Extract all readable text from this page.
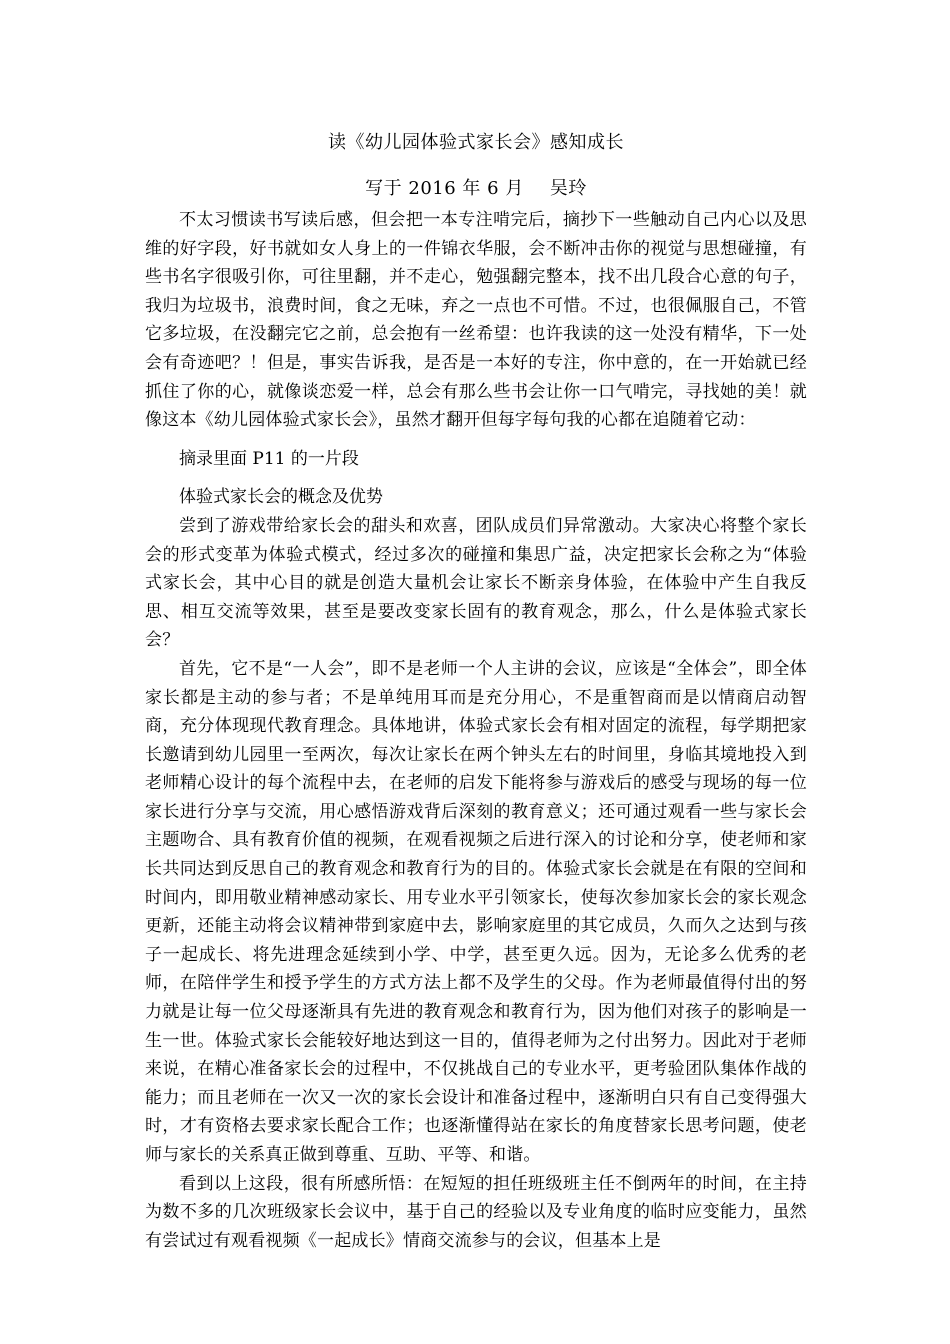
读《幼儿园体验式家长会》感知成长
写于 2016 年 6 月 吴玲

不太习惯读书写读后感，但会把一本专注啃完后，摘抄下一些触动自己内心以及思维的好字段，好书就如女人身上的一件锦衣华服，会不断冲击你的视觉与思想碰撞，有些书名字很吸引你，可往里翻，并不走心，勉强翻完整本，找不出几段合心意的句子，我归为垃圾书，浪费时间，食之无味，弃之一点也不可惜。不过，也很佩服自己，不管它多垃圾，在没翻完它之前，总会抱有一丝希望：也许我读的这一处没有精华，下一处会有奇迹吧？！但是，事实告诉我，是否是一本好的专注，你中意的，在一开始就已经抓住了你的心，就像谈恋爱一样，总会有那么些书会让你一口气啃完，寻找她的美！就像这本《幼儿园体验式家长会》，虽然才翻开但每字每句我的心都在追随着它动：

摘录里面 P11 的一片段

体验式家长会的概念及优势

尝到了游戏带给家长会的甜头和欢喜，团队成员们异常激动。大家决心将整个家长会的形式变革为体验式模式，经过多次的碰撞和集思广益，决定把家长会称之为“体验式家长会，其中心目的就是创造大量机会让家长不断亲身体验，在体验中产生自我反思、相互交流等效果，甚至是要改变家长固有的教育观念，那么，什么是体验式家长会？

首先，它不是“一人会”，即不是老师一个人主讲的会议，应该是“全体会”，即全体家长都是主动的参与者；不是单纯用耳而是充分用心，不是重智商而是以情商启动智商，充分体现现代教育理念。具体地讲，体验式家长会有相对固定的流程，每学期把家长邀请到幼儿园里一至两次，每次让家长在两个钟头左右的时间里，身临其境地投入到老师精心设计的每个流程中去，在老师的启发下能将参与游戏后的感受与现场的每一位家长进行分享与交流，用心感悟游戏背后深刻的教育意义；还可通过观看一些与家长会主题吻合、具有教育价值的视频，在观看视频之后进行深入的讨论和分享，使老师和家长共同达到反思自己的教育观念和教育行为的目的。体验式家长会就是在有限的空间和时间内，即用敬业精神感动家长、用专业水平引领家长，使每次参加家长会的家长观念更新，还能主动将会议精神带到家庭中去，影响家庭里的其它成员，久而久之达到与孩子一起成长、将先进理念延续到小学、中学，甚至更久远。因为，无论多么优秀的老师，在陪伴学生和授予学生的方式方法上都不及学生的父母。作为老师最值得付出的努力就是让每一位父母逐渐具有先进的教育观念和教育行为，因为他们对孩子的影响是一生一世。体验式家长会能较好地达到这一目的，值得老师为之付出努力。因此对于老师来说，在精心准备家长会的过程中，不仅挑战自己的专业水平，更考验团队集体作战的能力；而且老师在一次又一次的家长会设计和准备过程中，逐渐明白只有自己变得强大时，才有资格去要求家长配合工作；也逐渐懂得站在家长的角度替家长思考问题，使老师与家长的关系真正做到尊重、互助、平等、和谐。

看到以上这段，很有所感所悟：在短短的担任班级班主任不倒两年的时间，在主持为数不多的几次班级家长会议中，基于自己的经验以及专业角度的临时应变能力，虽然有尝试过有观看视频《一起成长》情商交流参与的会议，但基本上是
